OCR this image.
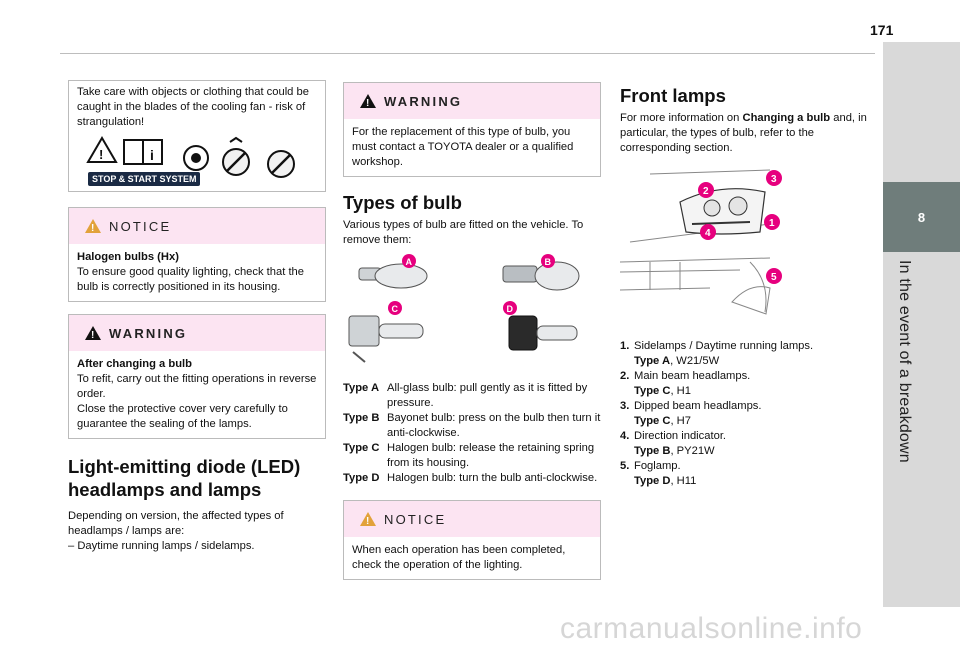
171
8
In the event of a breakdown
Take care with objects or clothing that could be caught in the blades of the cooling fan - risk of strangulation!
!	i
STOP & START SYSTEM
!
NOTICE
Halogen bulbs (Hx)
To ensure good quality lighting, check that the bulb is correctly positioned in its housing.
!
WARNING
After changing a bulb
To refit, carry out the fitting operations in reverse order.
Close the protective cover very carefully to guarantee the sealing of the lamps.
Light-emitting diode (LED)
headlamps and lamps
Depending on version, the affected types of headlamps / lamps are:
– Daytime running lamps / sidelamps.
!
WARNING
For the replacement of this type of bulb, you must contact a TOYOTA dealer or a qualified workshop.
Types of bulb
Various types of bulb are fitted on the vehicle. To remove them:
A	B
C	D
Type A All-glass bulb: pull gently as it is fitted by pressure.
Type B Bayonet bulb: press on the bulb then turn it anti-clockwise.
Type C Halogen bulb: release the retaining spring from its housing.
Type D Halogen bulb: turn the bulb anti-clockwise.
!
NOTICE
When each operation has been completed, check the operation of the lighting.
Front lamps
For more information on Changing a bulb and, in particular, the types of bulb, refer to the corresponding section.
1
2
3
4
5
1. Sidelamps / Daytime running lamps.
Type A, W21/5W
2. Main beam headlamps.
Type C, H1
3. Dipped beam headlamps.
Type C, H7
4. Direction indicator.
Type B, PY21W
5. Foglamp.
Type D, H11
carmanualsonline.info
